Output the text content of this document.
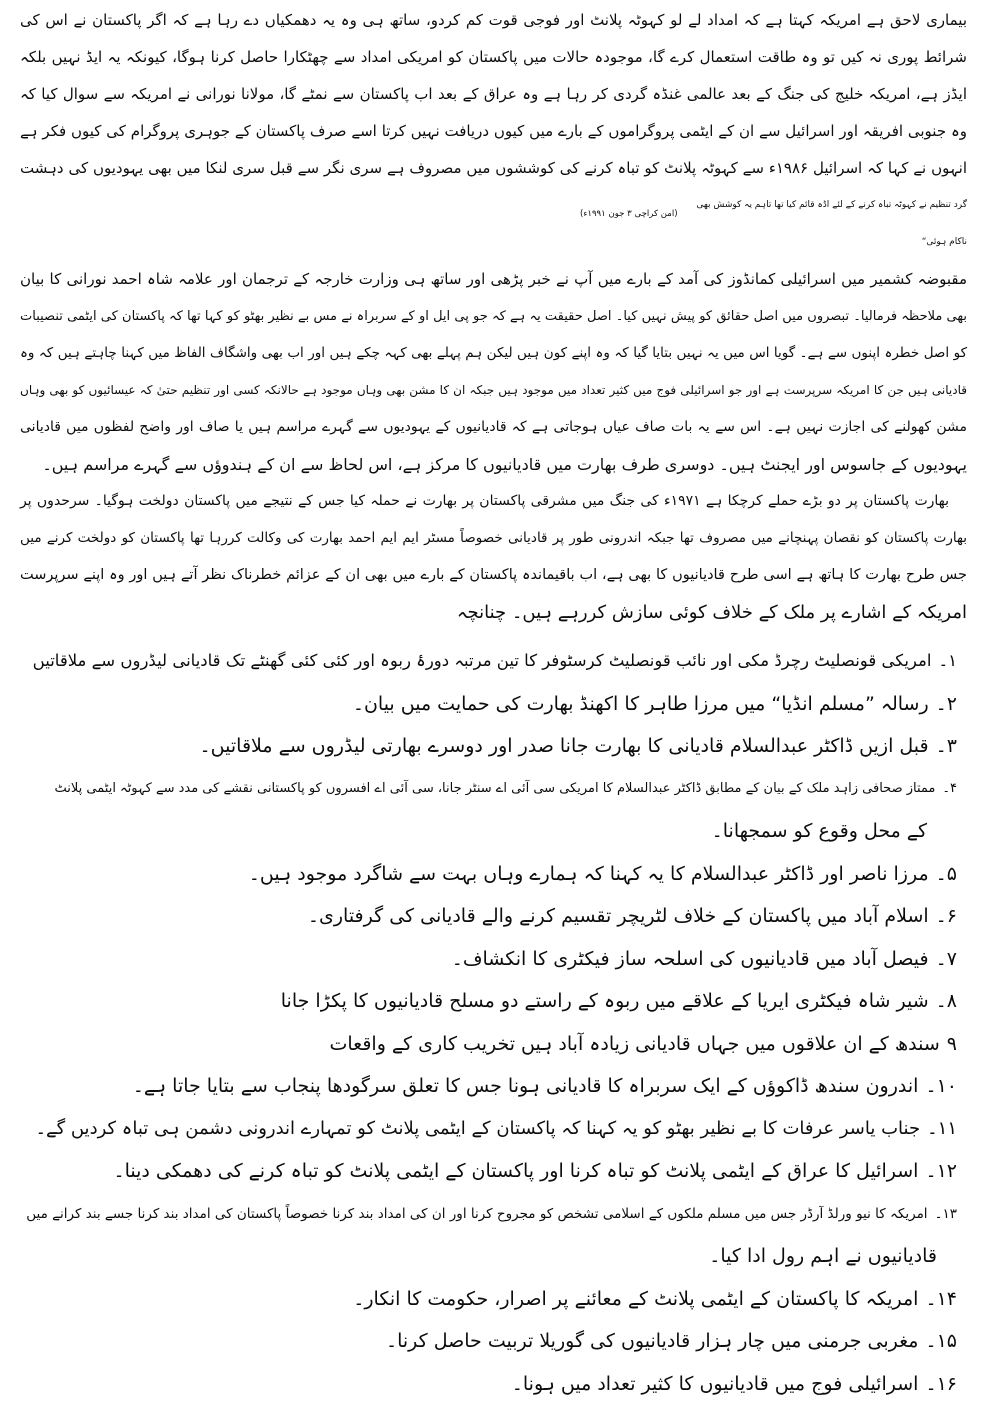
بیماری لاحق ہے امریکہ کہتا ہے کہ امداد لے لو کہوٹہ پلانٹ اور فوجی قوت کم کردو، ساتھ ہی وہ یہ دھمکیاں دے رہا ہے کہ اگر پاکستان نے اس کی
شرائط پوری نہ کیں تو وہ طاقت استعمال کرے گا، موجودہ حالات میں پاکستان کو امریکی امداد سے چھٹکارا حاصل کرنا ہوگا، کیونکہ یہ ایڈ نہیں بلکہ
ایڈز ہے، امریکہ خلیج کی جنگ کے بعد عالمی غنڈہ گردی کر رہا ہے وہ عراق کے بعد اب پاکستان سے نمٹے گا، مولانا نورانی نے امریکہ سے سوال کیا کہ
وہ جنوبی افریقہ اور اسرائیل سے ان کے ایٹمی پروگراموں کے بارے میں کیوں دریافت نہیں کرتا اسے صرف پاکستان کے جوہری پروگرام کی کیوں فکر ہے
انہوں نے کہا کہ اسرائیل ۱۹۸۶ء سے کہوٹہ پلانٹ کو تباہ کرنے کی کوششوں میں مصروف ہے سری نگر سے قبل سری لنکا میں بھی یہودیوں کی دہشت
گرد تنظیم نے کہوٹہ تباہ کرنے کے لئے اڈہ قائم کیا تھا تاہم یہ کوشش بھی ناکام ہوئی“
(امن کراچی ۳ جون ۱۹۹۱ء)
مقبوضہ کشمیر میں اسرائیلی کمانڈوز کی آمد کے بارے میں آپ نے خبر پڑھی اور ساتھ ہی وزارت خارجہ کے ترجمان اور علامہ شاہ احمد نورانی کا بیان
بھی ملاحظہ فرمالیا۔ تبصروں میں اصل حقائق کو پیش نہیں کیا۔ اصل حقیقت یہ ہے کہ جو پی ایل او کے سربراہ نے مس بے نظیر بھٹو کو کہا تھا کہ پاکستان کی ایٹمی تنصیبات
کو اصل خطرہ اپنوں سے ہے۔ گویا اس میں یہ نہیں بتایا گیا کہ وہ اپنے کون ہیں لیکن ہم پہلے بھی کہہ چکے ہیں اور اب بھی واشگاف الفاظ میں کہنا چاہتے ہیں کہ وہ
قادیانی ہیں جن کا امریکہ سرپرست ہے اور جو اسرائیلی فوج میں کثیر تعداد میں موجود ہیں جبکہ ان کا مشن بھی وہاں موجود ہے حالانکہ کسی اور تنظیم حتیٰ کہ عیسائیوں کو بھی وہاں
مشن کھولنے کی اجازت نہیں ہے۔ اس سے یہ بات صاف عیاں ہوجاتی ہے کہ قادیانیوں کے یہودیوں سے گہرے مراسم ہیں یا صاف اور واضح لفظوں میں قادیانی
یہودیوں کے جاسوس اور ایجنٹ ہیں۔ دوسری طرف بھارت میں قادیانیوں کا مرکز ہے، اس لحاظ سے ان کے ہندوؤں سے گہرے مراسم ہیں۔
بھارت پاکستان پر دو بڑے حملے کرچکا ہے ۱۹۷۱ء کی جنگ میں مشرقی پاکستان پر بھارت نے حملہ کیا جس کے نتیجے میں پاکستان دولخت ہوگیا۔ سرحدوں پر
بھارت پاکستان کو نقصان پہنچانے میں مصروف تھا جبکہ اندرونی طور پر قادیانی خصوصاً مسٹر ایم ایم احمد بھارت کی وکالت کررہا تھا پاکستان کو دولخت کرنے میں
جس طرح بھارت کا ہاتھ ہے اسی طرح قادیانیوں کا بھی ہے، اب باقیماندہ پاکستان کے بارے میں بھی ان کے عزائم خطرناک نظر آتے ہیں اور وہ اپنے سرپرست
امریکہ کے اشارے پر ملک کے خلاف کوئی سازش کررہے ہیں۔ چنانچہ
۱۔امریکی قونصلیٹ رچرڈ مکی اور نائب قونصلیٹ کرسٹوفر کا تین مرتبہ دورۂ ربوہ اور کئی کئی گھنٹے تک قادیانی لیڈروں سے ملاقاتیں
۲۔رسالہ ”مسلم انڈیا“ میں مرزا طاہر کا اکھنڈ بھارت کی حمایت میں بیان۔
۳۔قبل ازیں ڈاکٹر عبدالسلام قادیانی کا بھارت جانا صدر اور دوسرے بھارتی لیڈروں سے ملاقاتیں۔
۴۔ممتاز صحافی زاہد ملک کے بیان کے مطابق ڈاکٹر عبدالسلام کا امریکی سی آئی اے سنٹر جانا، سی آئی اے افسروں کو پاکستانی نقشے کی مدد سے کہوٹہ ایٹمی پلانٹ
کے محل وقوع کو سمجھانا۔
۵۔مرزا ناصر اور ڈاکٹر عبدالسلام کا یہ کہنا کہ ہمارے وہاں بہت سے شاگرد موجود ہیں۔
۶۔اسلام آباد میں پاکستان کے خلاف لٹریچر تقسیم کرنے والے قادیانی کی گرفتاری۔
۷۔فیصل آباد میں قادیانیوں کی اسلحہ ساز فیکٹری کا انکشاف۔
۸۔شیر شاہ فیکٹری ایریا کے علاقے میں ربوہ کے راستے دو مسلح قادیانیوں کا پکڑا جانا
۹سندھ کے ان علاقوں میں جہاں قادیانی زیادہ آباد ہیں تخریب کاری کے واقعات
۱۰۔اندرون سندھ ڈاکوؤں کے ایک سربراہ کا قادیانی ہونا جس کا تعلق سرگودھا پنجاب سے بتایا جاتا ہے۔
۱۱۔جناب یاسر عرفات کا بے نظیر بھٹو کو یہ کہنا کہ پاکستان کے ایٹمی پلانٹ کو تمہارے اندرونی دشمن ہی تباہ کردیں گے۔
۱۲۔اسرائیل کا عراق کے ایٹمی پلانٹ کو تباہ کرنا اور پاکستان کے ایٹمی پلانٹ کو تباہ کرنے کی دھمکی دینا۔
۱۳۔امریکہ کا نیو ورلڈ آرڈر جس میں مسلم ملکوں کے اسلامی تشخص کو مجروح کرنا اور ان کی امداد بند کرنا خصوصاً پاکستان کی امداد بند کرنا جسے بند کرانے میں
قادیانیوں نے اہم رول ادا کیا۔
۱۴۔امریکہ کا پاکستان کے ایٹمی پلانٹ کے معائنے پر اصرار، حکومت کا انکار۔
۱۵۔مغربی جرمنی میں چار ہزار قادیانیوں کی گوریلا تربیت حاصل کرنا۔
۱۶۔اسرائیلی فوج میں قادیانیوں کا کثیر تعداد میں ہونا۔
